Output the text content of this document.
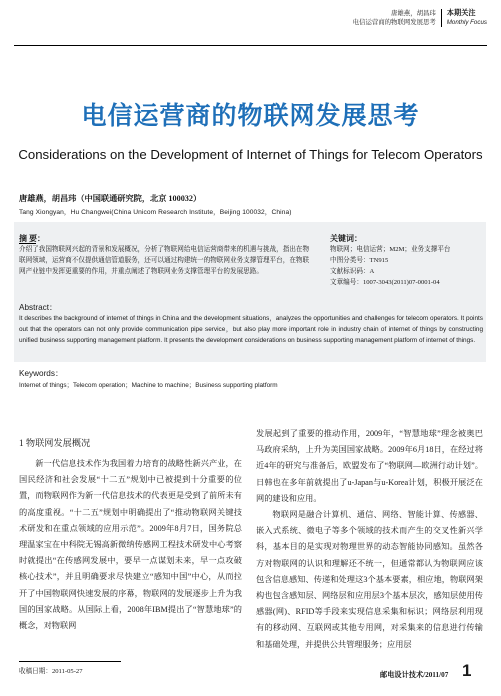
唐雄燕，胡昌玮
电信运营商的物联网发展思考
本期关注
Monthly Focus
电信运营商的物联网发展思考
Considerations on the Development of Internet of Things for Telecom Operators
唐雄燕，胡昌玮（中国联通研究院，北京 100032）
Tang Xiongyan，Hu Changwei(China Unicom Research Institute，Beijing 100032，China)
摘 要：
介绍了我国物联网兴起的背景和发展概况，分析了物联网给电信运营商带来的机遇与挑战，指出在物联网领域，运营商不仅提供通信管道服务，还可以通过构建统一的物联网业务支撑管理平台，在物联网产业链中发挥更重要的作用，并重点阐述了物联网业务支撑管理平台的发展思路。
关键词：
物联网；电信运营；M2M；业务支撑平台
中图分类号：TN915
文献标识码：A
文章编号：1007-3043(2011)07-0001-04
Abstract：
It describes the background of internet of things in China and the development situations，analyzes the opportunities and challenges for telecom operators. It points out that the operators can not only provide communication pipe service，but also play more important role in industry chain of internet of things by constructing unified business supporting management platform. It presents the development considerations on business supporting management platform of internet of things.
Keywords：
Internet of things；Telecom operation；Machine to machine；Business supporting platform
1 物联网发展概况

新一代信息技术作为我国着力培育的战略性新兴产业，在国民经济和社会发展“十二五”规划中已被提到十分重要的位置，而物联网作为新一代信息技术的代表更是受到了前所未有的高度重视。“十二五”规划中明确提出了“推动物联网关键技术研发和在重点领域的应用示范”。2009年8月7日，国务院总理温家宝在中科院无锡高新微纳传感网工程技术研发中心考察时就提出“在传感网发展中，要早一点谋划未来，早一点攻破核心技术”，并且明确要求尽快建立“感知中国”中心，从而拉开了中国物联网快速发展的序幕，物联网的发展逐步上升为我国的国家战略。从国际上看，2008年IBM提出了“智慧地球”的概念，对物联网

发展起到了重要的推动作用，2009年，“智慧地球”理念被奥巴马政府采纳，上升为美国国家战略。2009年6月18日，在经过将近4年的研究与准备后，欧盟发布了“物联网—欧洲行动计划”。日韩也在多年前就提出了u-Japan与u-Korea计划，积极开展泛在网的建设和应用。

物联网是融合计算机、通信、网络、智能计算、传感器、嵌入式系统、微电子等多个领域的技术而产生的交叉性新兴学科，基本目的是实现对物理世界的动态智能协同感知。虽然各方对物联网的认识和理解还不统一，但通常都认为物联网应该包含信息感知、传递和处理这3个基本要素，相应地，物联网架构也包含感知层、网络层和应用层3个基本层次，感知层使用传感器(网)、RFID等手段来实现信息采集和标识；网络层利用现有的移动网、互联网或其他专用网，对采集来的信息进行传输和基础处理，并提供公共管理服务；应用层

收稿日期：2011-05-27	邮电设计技术/2011/07 1
